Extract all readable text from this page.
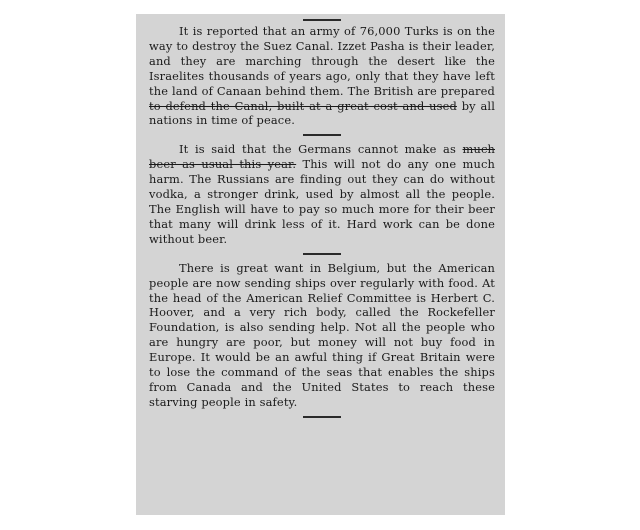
It is reported that an army of 76,000 Turks is on the way to destroy the Suez Canal. Izzet Pasha is their leader, and they are marching through the desert like the Israelites thousands of years ago, only that they have left the land of Canaan behind them. The British are prepared to defend the Canal, built at a great cost and used by all nations in time of peace.

It is said that the Germans cannot make as much beer as usual this year. This will not do any one much harm. The Russians are finding out they can do without vodka, a stronger drink, used by almost all the people. The English will have to pay so much more for their beer that many will drink less of it. Hard work can be done without beer.

There is great want in Belgium, but the American people are now sending ships over regularly with food. At the head of the American Relief Committee is Herbert C. Hoover, and a very rich body, called the Rockefeller Foundation, is also sending help. Not all the people who are hungry are poor, but money will not buy food in Europe. It would be an awful thing if Great Britain were to lose the command of the seas that enables the ships from Canada and the United States to reach these starving people in safety.
